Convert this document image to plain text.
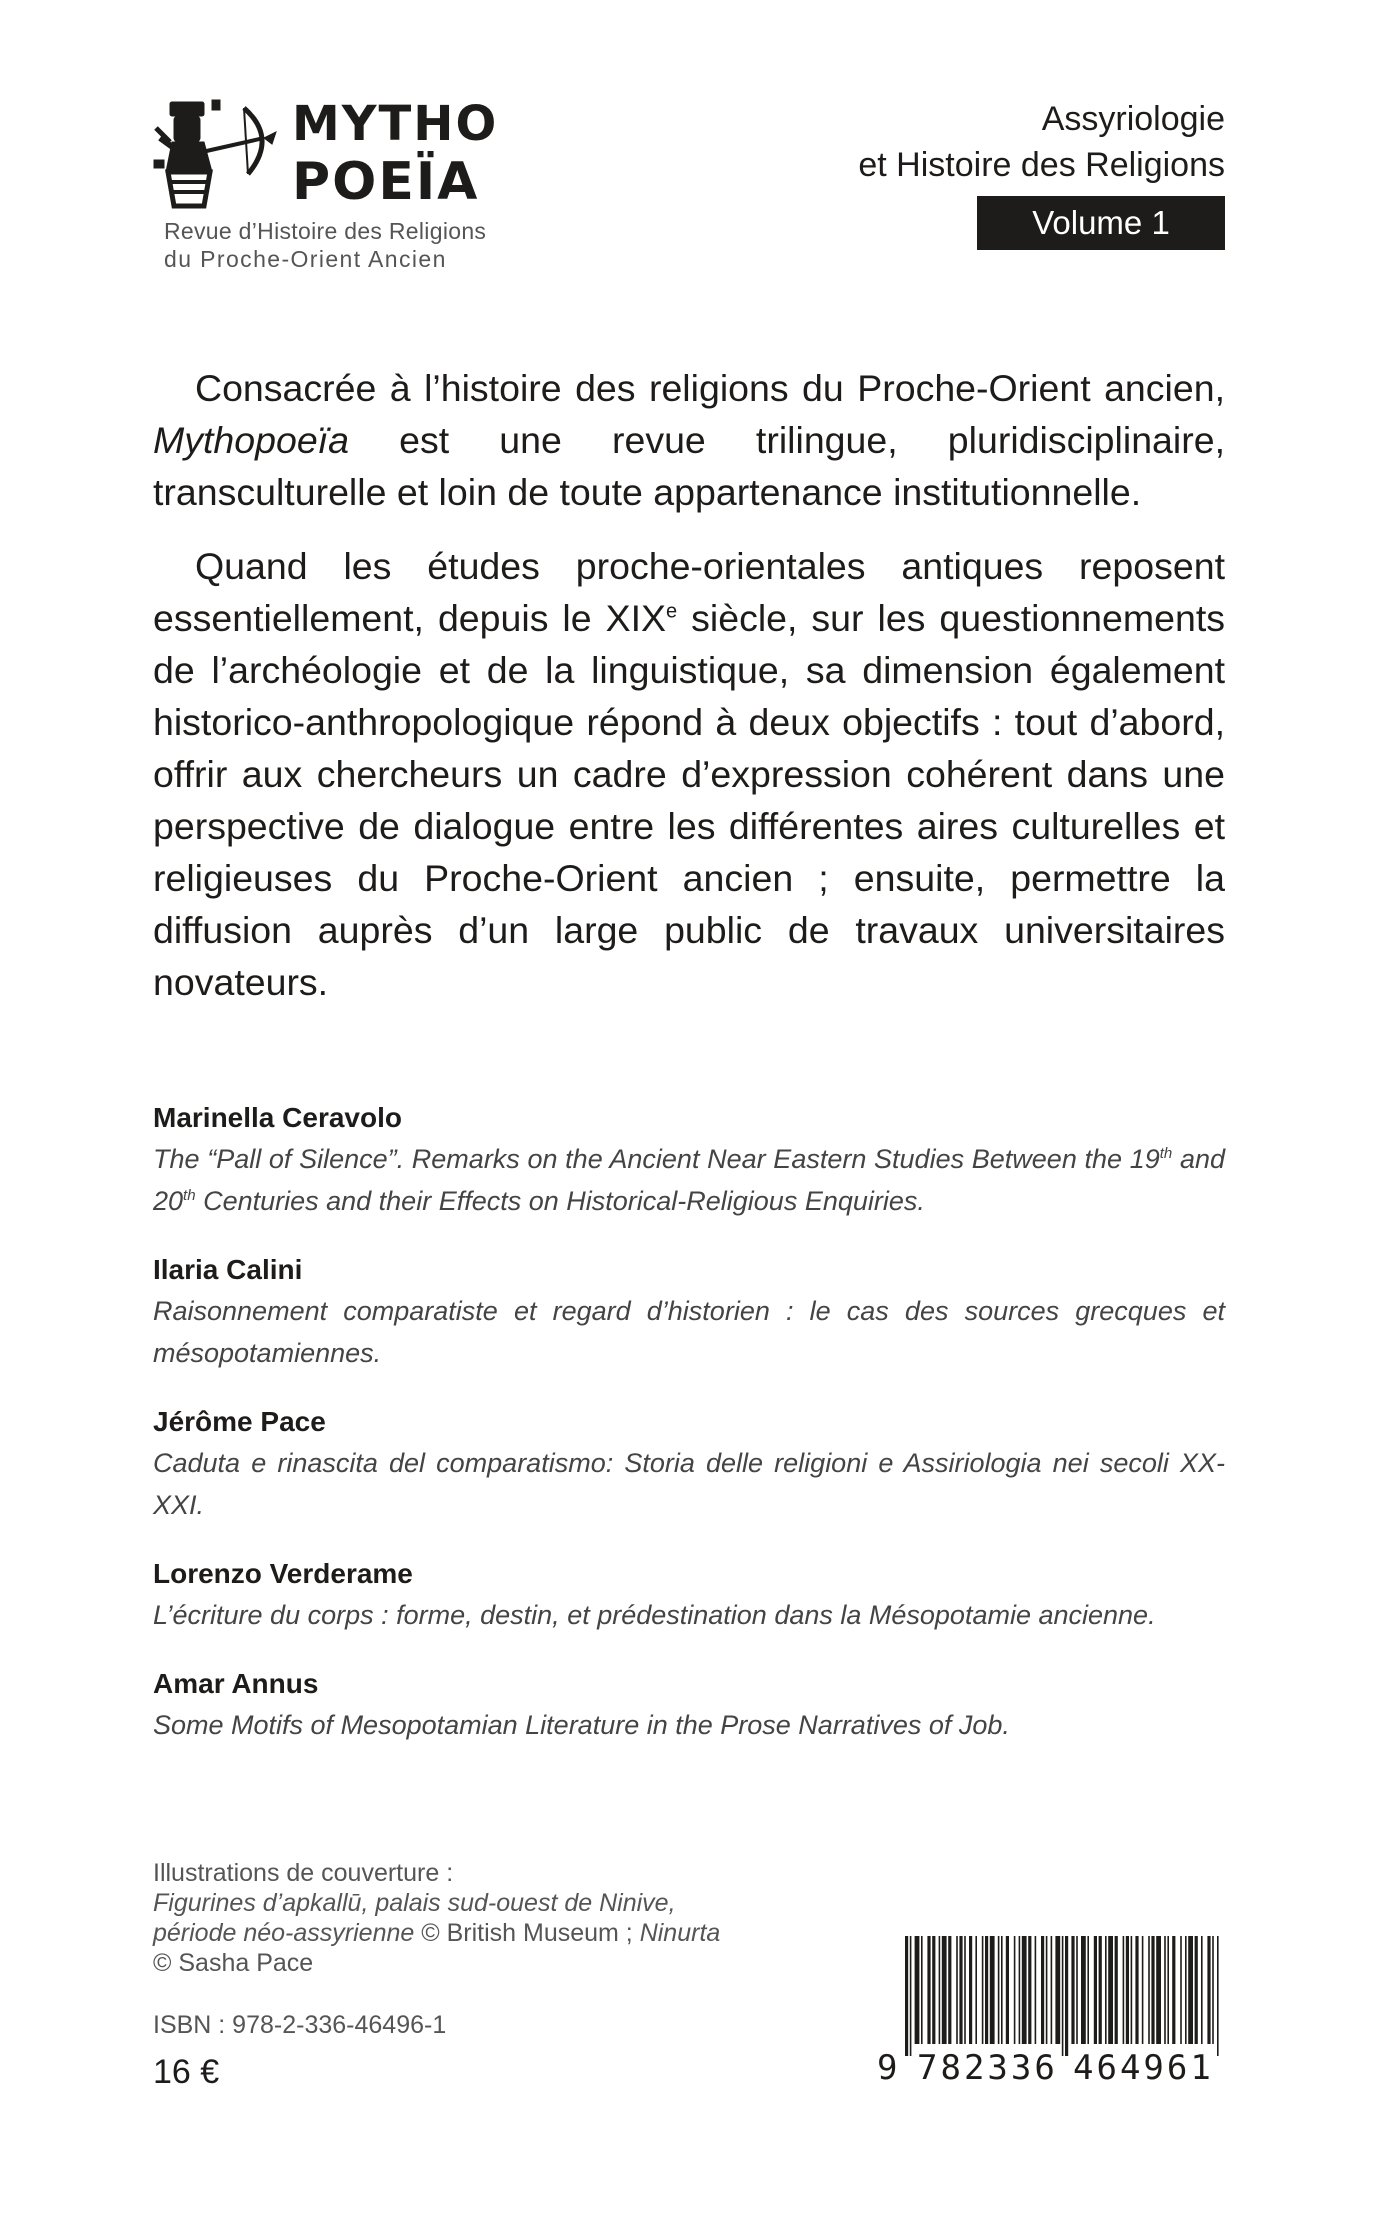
MYTHO
POEÏA
Revue d’Histoire des Religions
du Proche-Orient Ancien
Assyriologie
et Histoire des Religions
Volume 1

Consacrée à l’histoire des religions du Proche-Orient ancien, Mythopoeïa est une revue trilingue, pluridisciplinaire, transculturelle et loin de toute appartenance institutionnelle.

Quand les études proche-orientales antiques reposent essentiellement, depuis le XIXe siècle, sur les questionnements de l’archéologie et de la linguistique, sa dimension également historico-anthropologique répond à deux objectifs : tout d’abord, offrir aux chercheurs un cadre d’expression cohérent dans une perspective de dialogue entre les différentes aires culturelles et religieuses du Proche-Orient ancien ; ensuite, permettre la diffusion auprès d’un large public de travaux universitaires novateurs.

Marinella Ceravolo
The “Pall of Silence”. Remarks on the Ancient Near Eastern Studies Between the 19th and 20th Centuries and their Effects on Historical-Religious Enquiries.
Ilaria Calini
Raisonnement comparatiste et regard d’historien : le cas des sources grecques et mésopotamiennes.
Jérôme Pace
Caduta e rinascita del comparatismo: Storia delle religioni e Assiriologia nei secoli XX-XXI.
Lorenzo Verderame
L’écriture du corps : forme, destin, et prédestination dans la Mésopotamie ancienne.
Amar Annus
Some Motifs of Mesopotamian Literature in the Prose Narratives of Job.
Illustrations de couverture :
Figurines d’apkallū, palais sud-ouest de Ninive,
période néo-assyrienne © British Museum ; Ninurta
© Sasha Pace
ISBN : 978-2-336-46496-1
16 €	9 782336 464961
